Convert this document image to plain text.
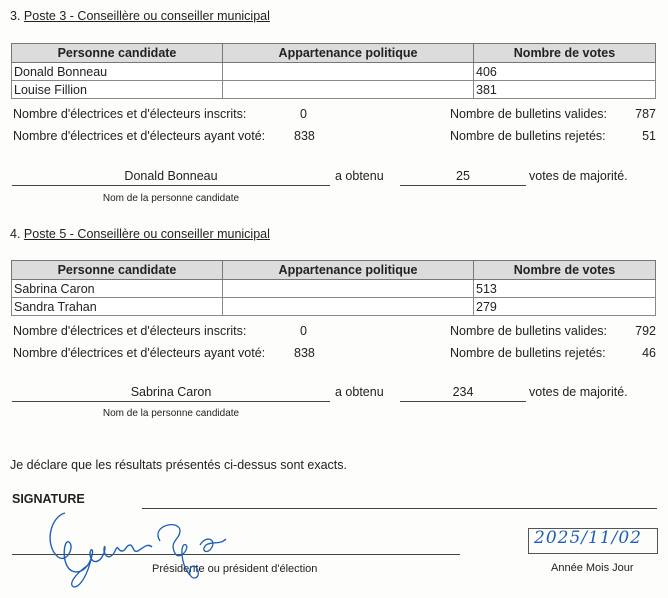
3. Poste 3 - Conseillère ou conseiller municipal
Personne candidate	Appartenance politique	Nombre de votes
Donald Bonneau		406
Louise Fillion		381
Nombre d'électrices et d'électeurs inscrits:	0
Nombre d'électrices et d'électeurs ayant voté: 838
Nombre de bulletins valides:	787
Nombre de bulletins rejetés:	51
Donald Bonneau	a obtenu	25	votes de majorité.
Nom de la personne candidate
4. Poste 5 - Conseillère ou conseiller municipal
Personne candidate	Appartenance politique	Nombre de votes
Sabrina Caron		513
Sandra Trahan		279
Nombre d'électrices et d'électeurs inscrits:	0
Nombre d'électrices et d'électeurs ayant voté: 838
Nombre de bulletins valides:	792
Nombre de bulletins rejetés:	46
Sabrina Caron	a obtenu	234	votes de majorité.
Nom de la personne candidate
Je déclare que les résultats présentés ci-dessus sont exacts.
SIGNATURE
Présidente ou président d'élection
2025/11/02
Année Mois Jour
